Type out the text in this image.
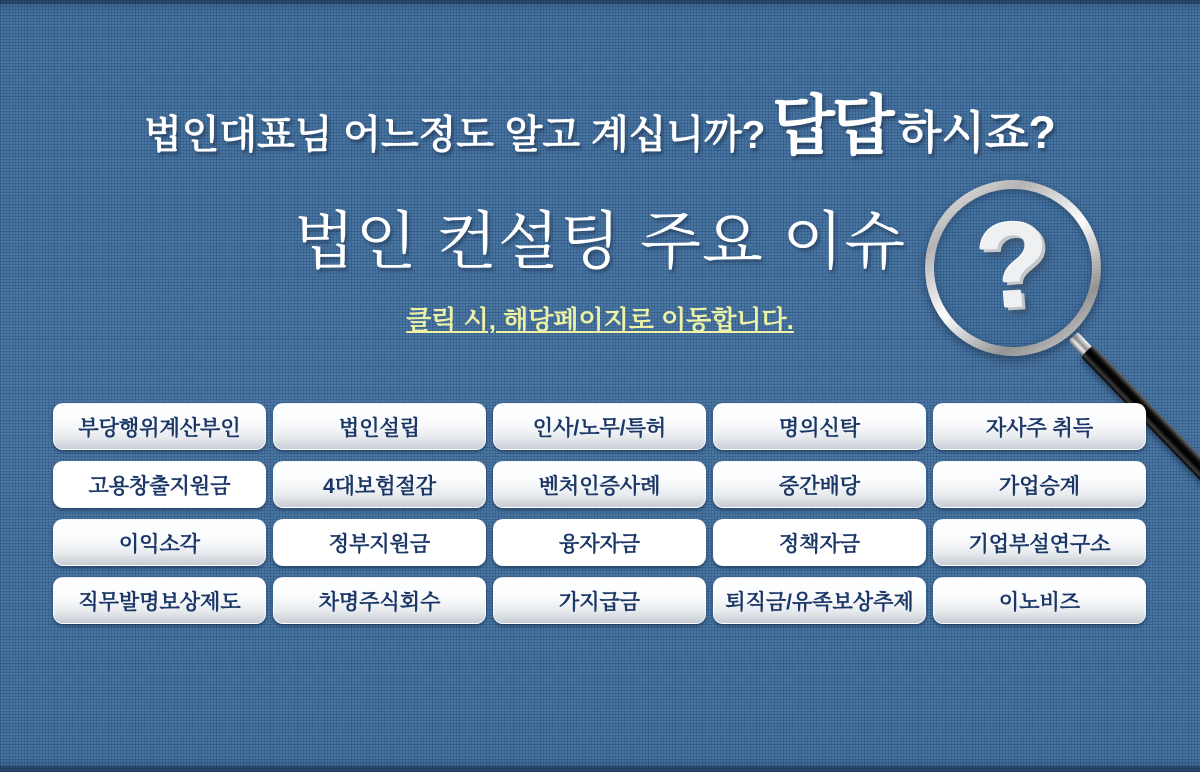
법인대표님 어느정도 알고 계십니까? 답답 하시죠?
법인 컨설팅 주요 이슈
클릭 시, 해당페이지로 이동합니다.	?
부당행위계산부인	법인설립	인사/노무/특허	명의신탁	자사주 취득
고용창출지원금	4대보험절감	벤처인증사례	중간배당	가업승계
이익소각	정부지원금	융자자금	정책자금	기업부설연구소
직무발명보상제도	차명주식회수	가지급금	퇴직금/유족보상추제	이노비즈
